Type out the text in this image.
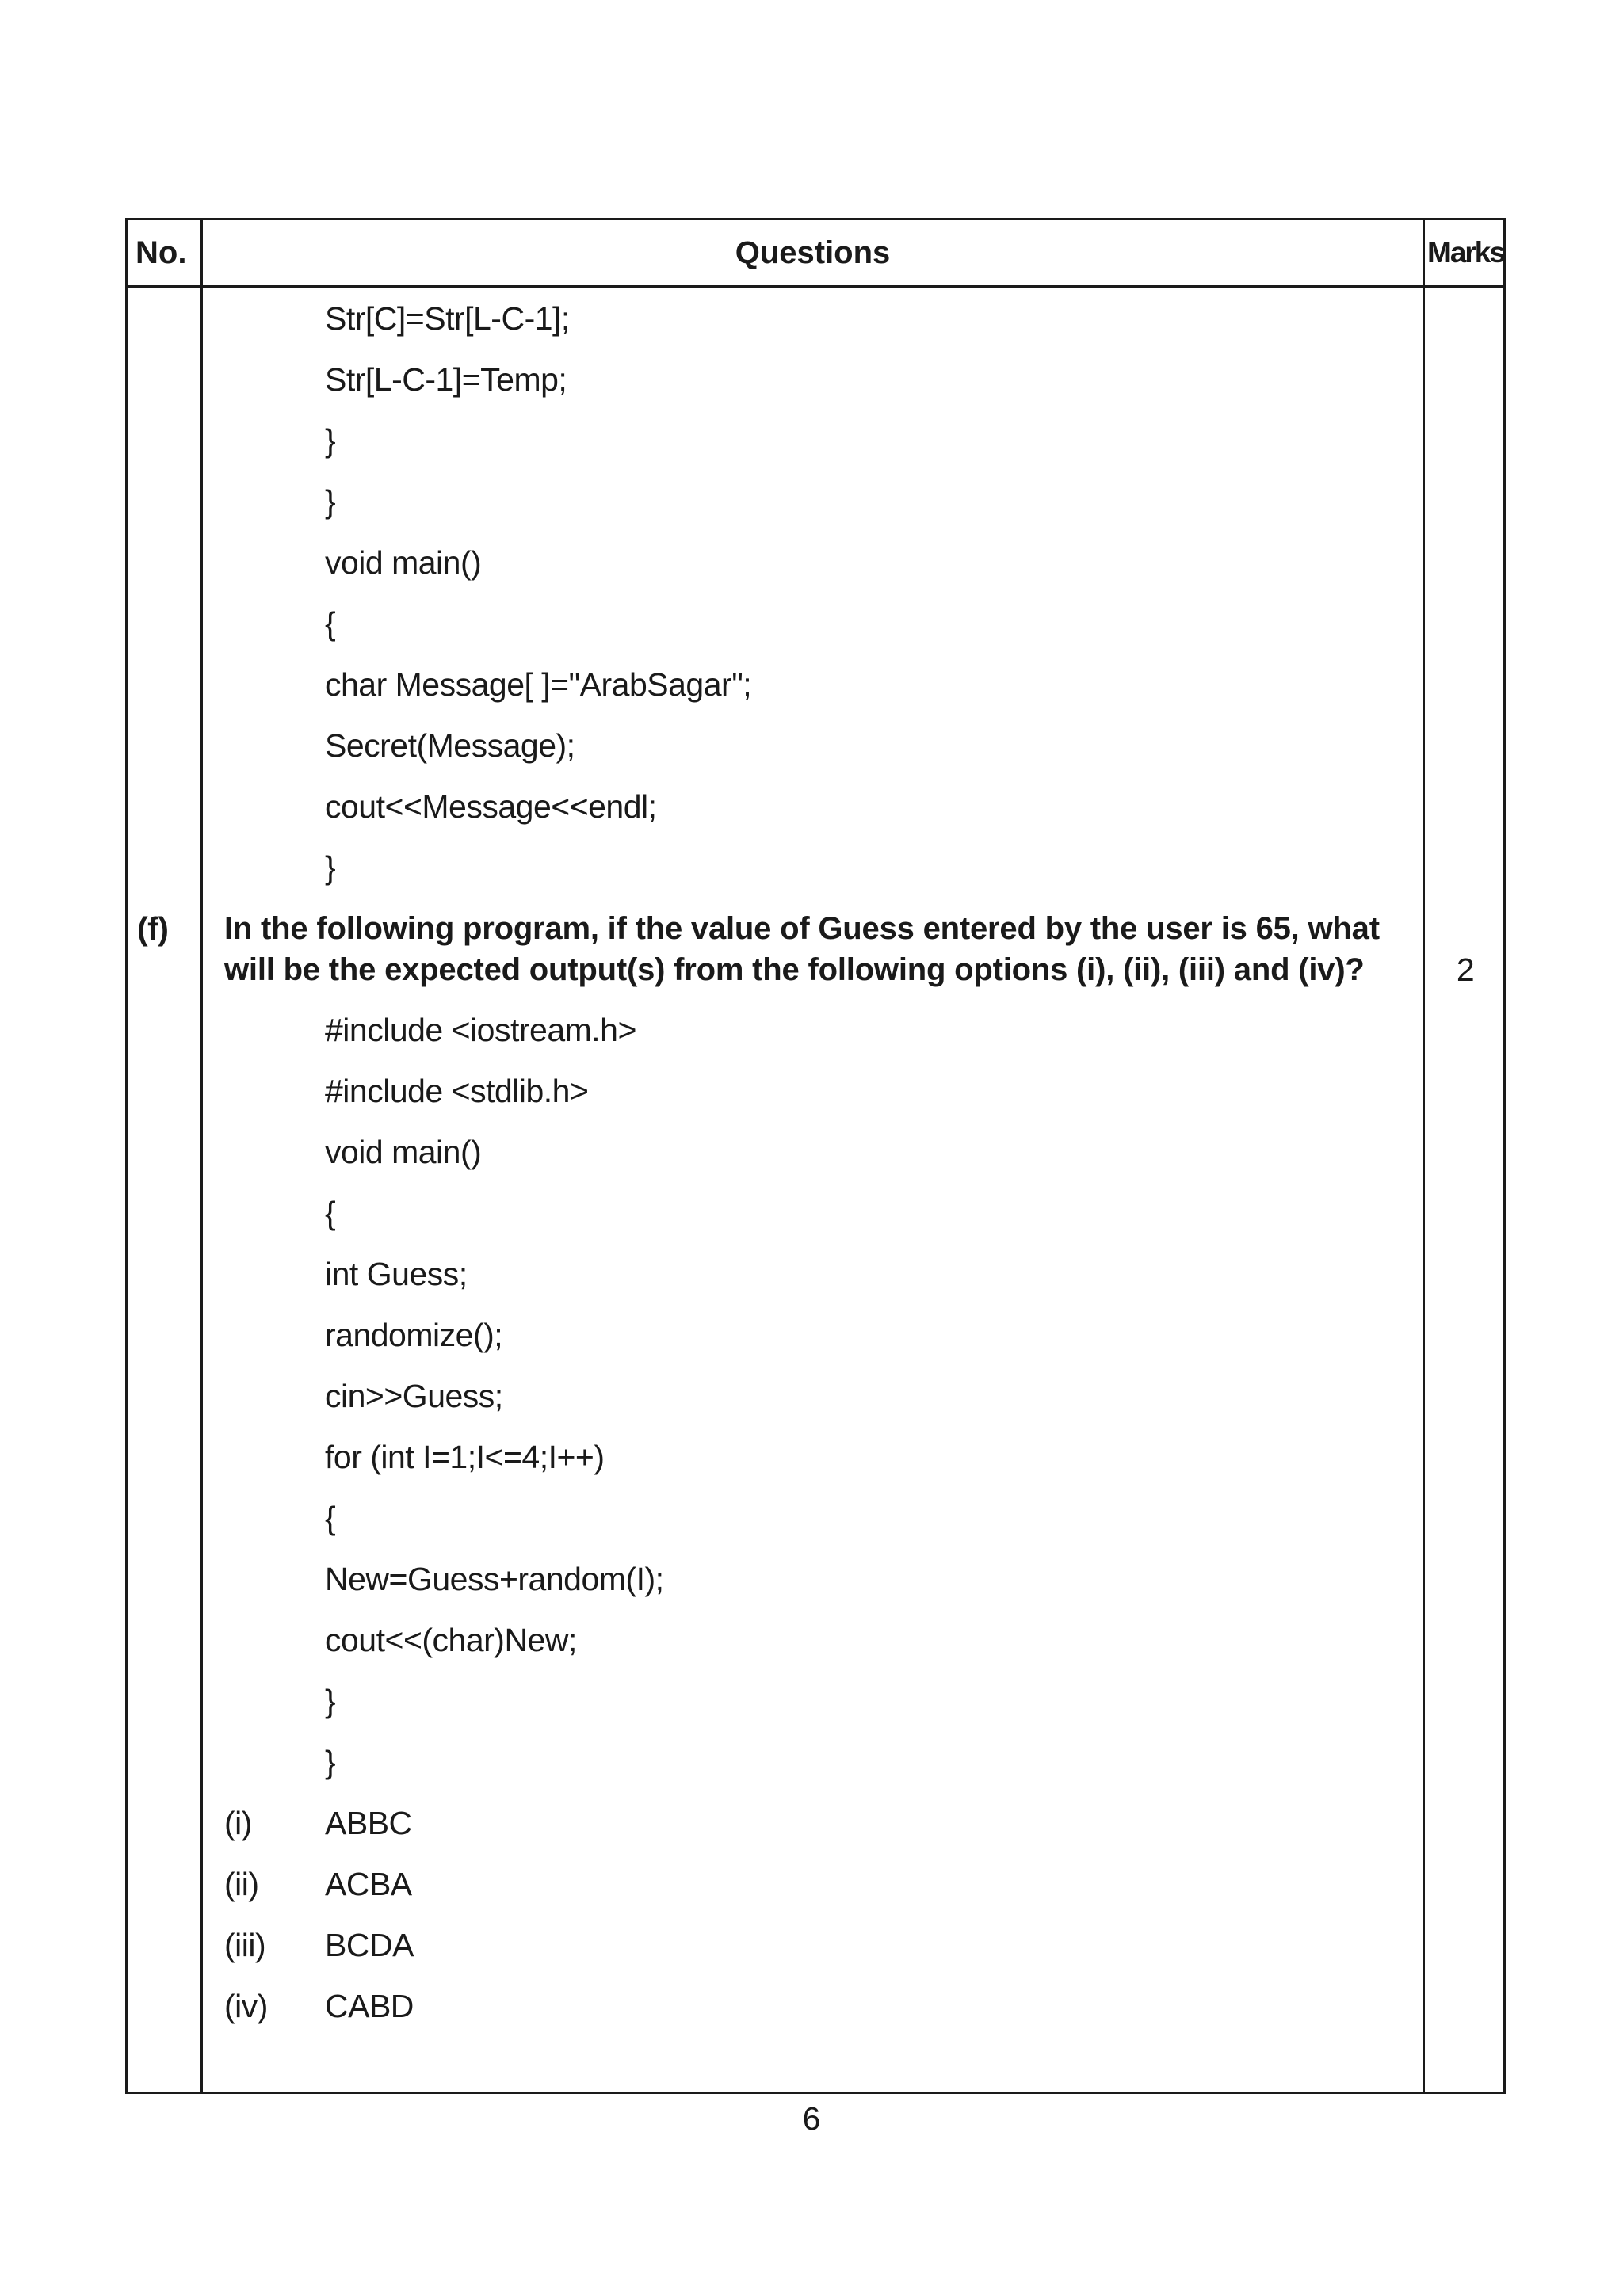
No.	Questions	Marks
Str[C]=Str[L-C-1];
Str[L-C-1]=Temp;
}
}
void main()
{
char Message[ ]="ArabSagar";
Secret(Message);
cout<<Message<<endl;
}
(f) In the following program, if the value of Guess entered by the user is 65, what
will be the expected output(s) from the following options (i), (ii), (iii) and (iv)?	2
#include <iostream.h>
#include <stdlib.h>
void main()
{
int Guess;
randomize();
cin>>Guess;
for (int I=1;I<=4;I++)
{
New=Guess+random(I);
cout<<(char)New;
}
}
(i) ABBC
(ii) ACBA
(iii) BCDA
(iv) CABD
6
